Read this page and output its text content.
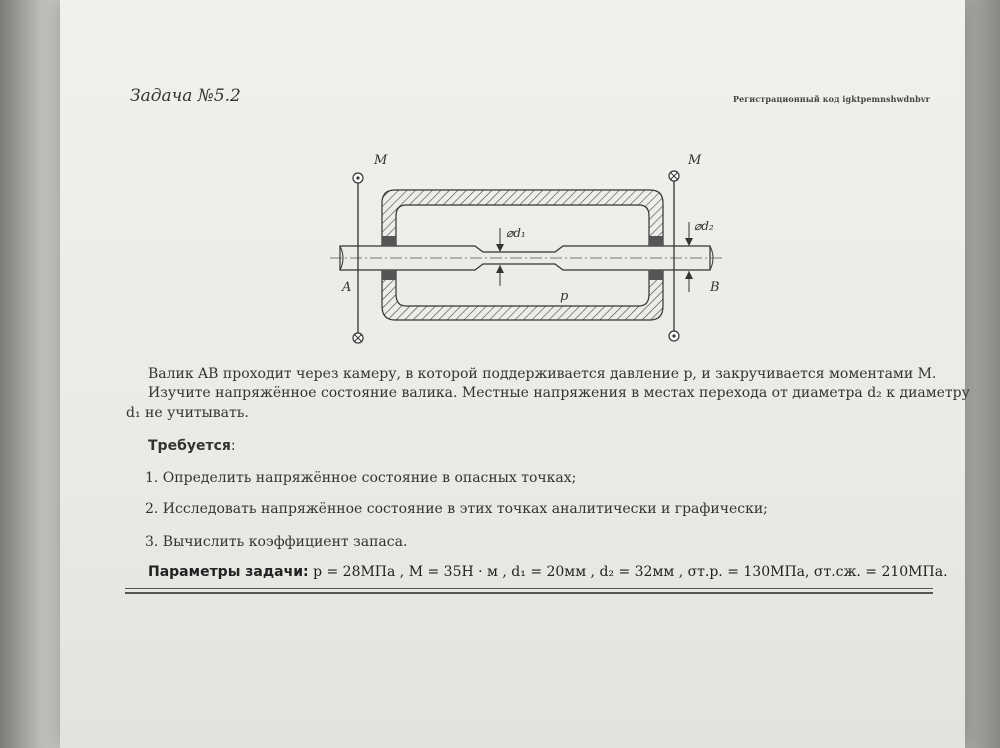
Задача №5.2	Регистрационный код igktpemnshwdnbvr
M	M
A	B
p
⌀d₁	⌀d₂
Валик AB проходит через камеру, в которой поддерживается давление p, и закручивается моментами M.
Изучите напряжённое состояние валика. Местные напряжения в местах перехода от диаметра d₂ к диаметру
d₁ не учитывать.
Требуется:
1. Определить напряжённое состояние в опасных точках;
2. Исследовать напряжённое состояние в этих точках аналитически и графически;
3. Вычислить коэффициент запаса.
Параметры задачи: p = 28МПа , M = 35Н · м , d₁ = 20мм , d₂ = 32мм , σт.р. = 130МПа, σт.сж. = 210МПа.
